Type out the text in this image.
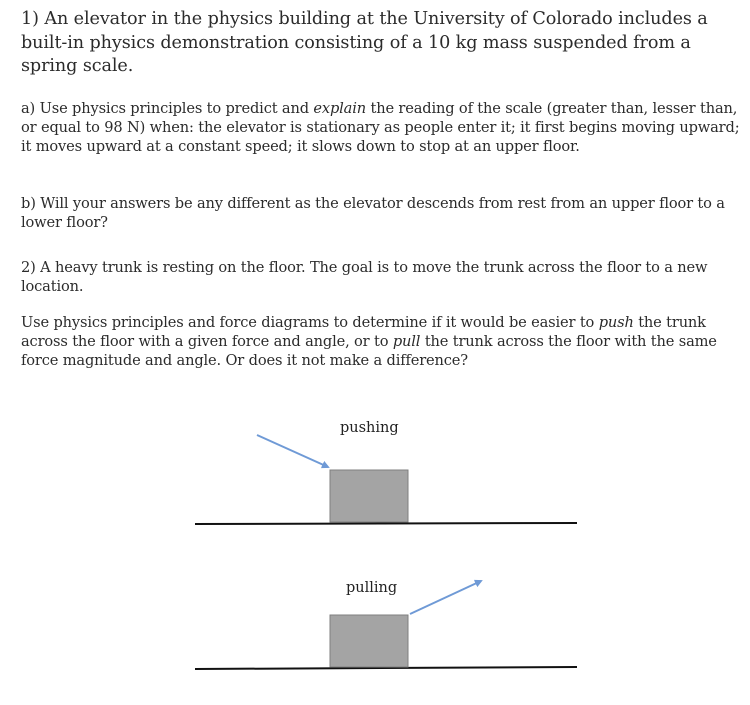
1) An elevator in the physics building at the University of Colorado includes a built-in physics demonstration consisting of a 10 kg mass suspended from a spring scale.
a) Use physics principles to predict and explain the reading of the scale (greater than, lesser than, or equal to 98 N) when: the elevator is stationary as people enter it; it first begins moving upward; it moves upward at a constant speed; it slows down to stop at an upper floor.
b) Will your answers be any different as the elevator descends from rest from an upper floor to a lower floor?
2) A heavy trunk is resting on the floor. The goal is to move the trunk across the floor to a new location.
Use physics principles and force diagrams to determine if it would be easier to push the trunk across the floor with a given force and angle, or to pull the trunk across the floor with the same force magnitude and angle. Or does it not make a difference?
pushing
pulling
